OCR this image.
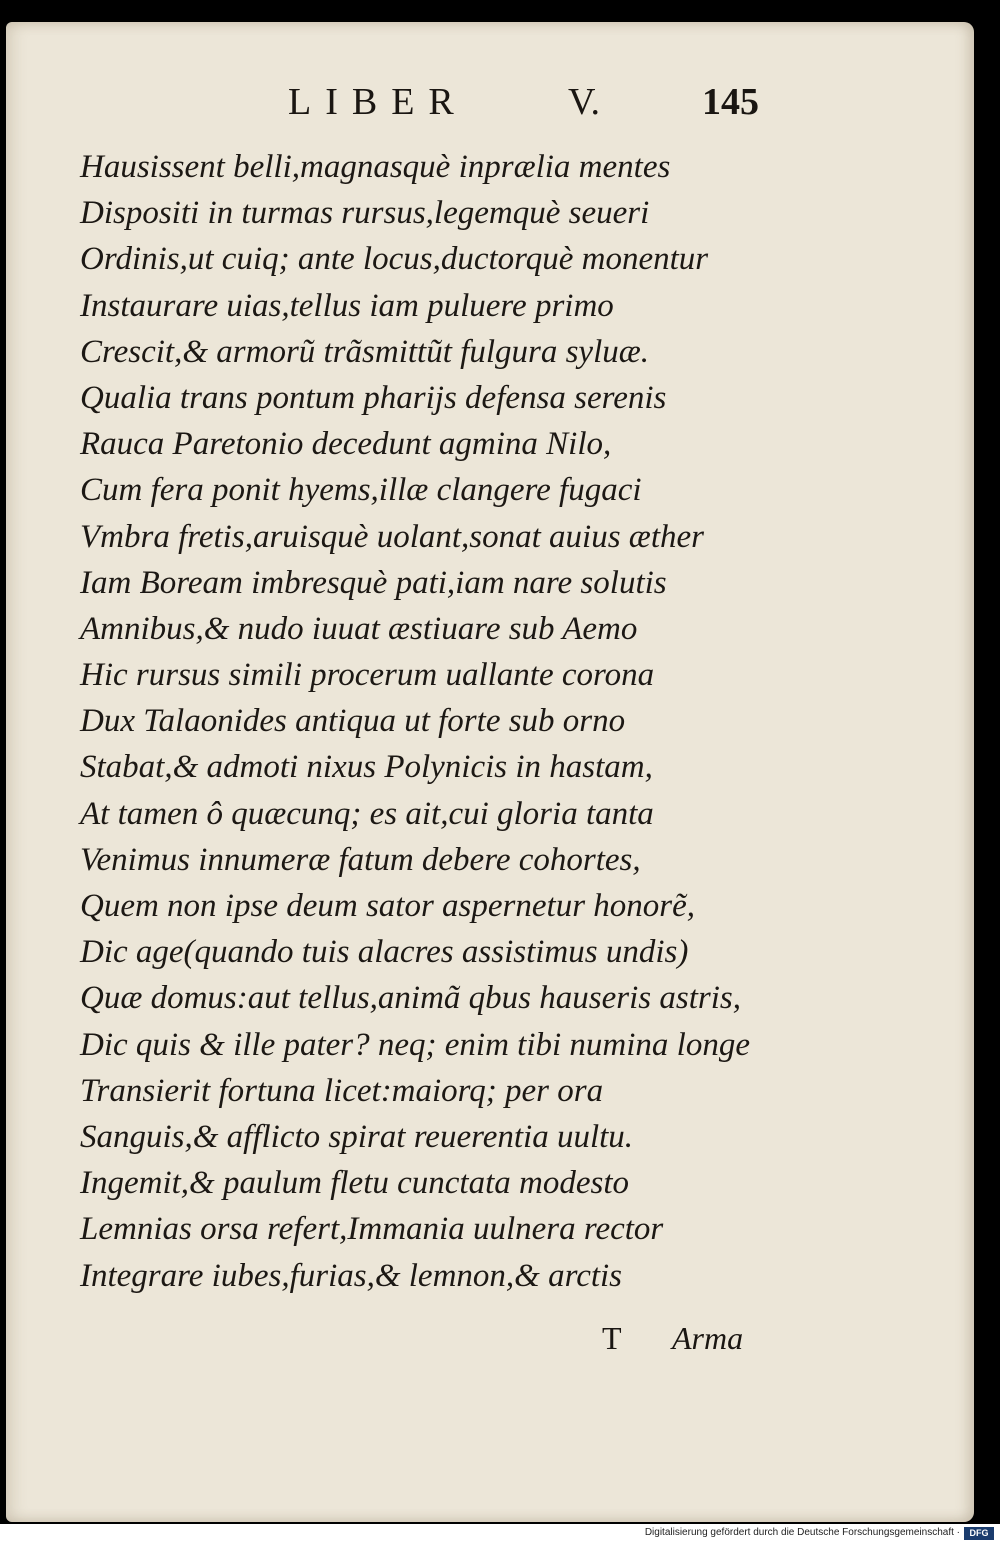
LIBER	V.	145
Hausissent belli,magnasquè inprælia mentes
Dispositi in turmas rursus,legemquè seueri
Ordinis,ut cuiq; ante locus,ductorquè monentur
Instaurare uias,tellus iam puluere primo
Crescit,& armorũ trãsmittũt fulgura syluæ.
Qualia trans pontum pharijs defensa serenis
Rauca Paretonio decedunt agmina Nilo,
Cum fera ponit hyems,illæ clangere fugaci
Vmbra fretis,aruisquè uolant,sonat auius æther
Iam Boream imbresquè pati,iam nare solutis
Amnibus,& nudo iuuat æstiuare sub Aemo
Hic rursus simili procerum uallante corona
Dux Talaonides antiqua ut forte sub orno
Stabat,& admoti nixus Polynicis in hastam,
At tamen ô quæcunq; es ait,cui gloria tanta
Venimus innumeræ fatum debere cohortes,
Quem non ipse deum sator aspernetur honorẽ,
Dic age(quando tuis alacres assistimus undis)
Quæ domus:aut tellus,animã qbus hauseris astris,
Dic quis & ille pater? neq; enim tibi numina longe
Transierit fortuna licet:maiorq; per ora
Sanguis,& afflicto spirat reuerentia uultu.
Ingemit,& paulum fletu cunctata modesto
Lemnias orsa refert,Immania uulnera rector
Integrare iubes,furias,& lemnon,& arctis
T Arma
Digitalisierung gefördert durch die Deutsche Forschungsgemeinschaft ·	DFG
